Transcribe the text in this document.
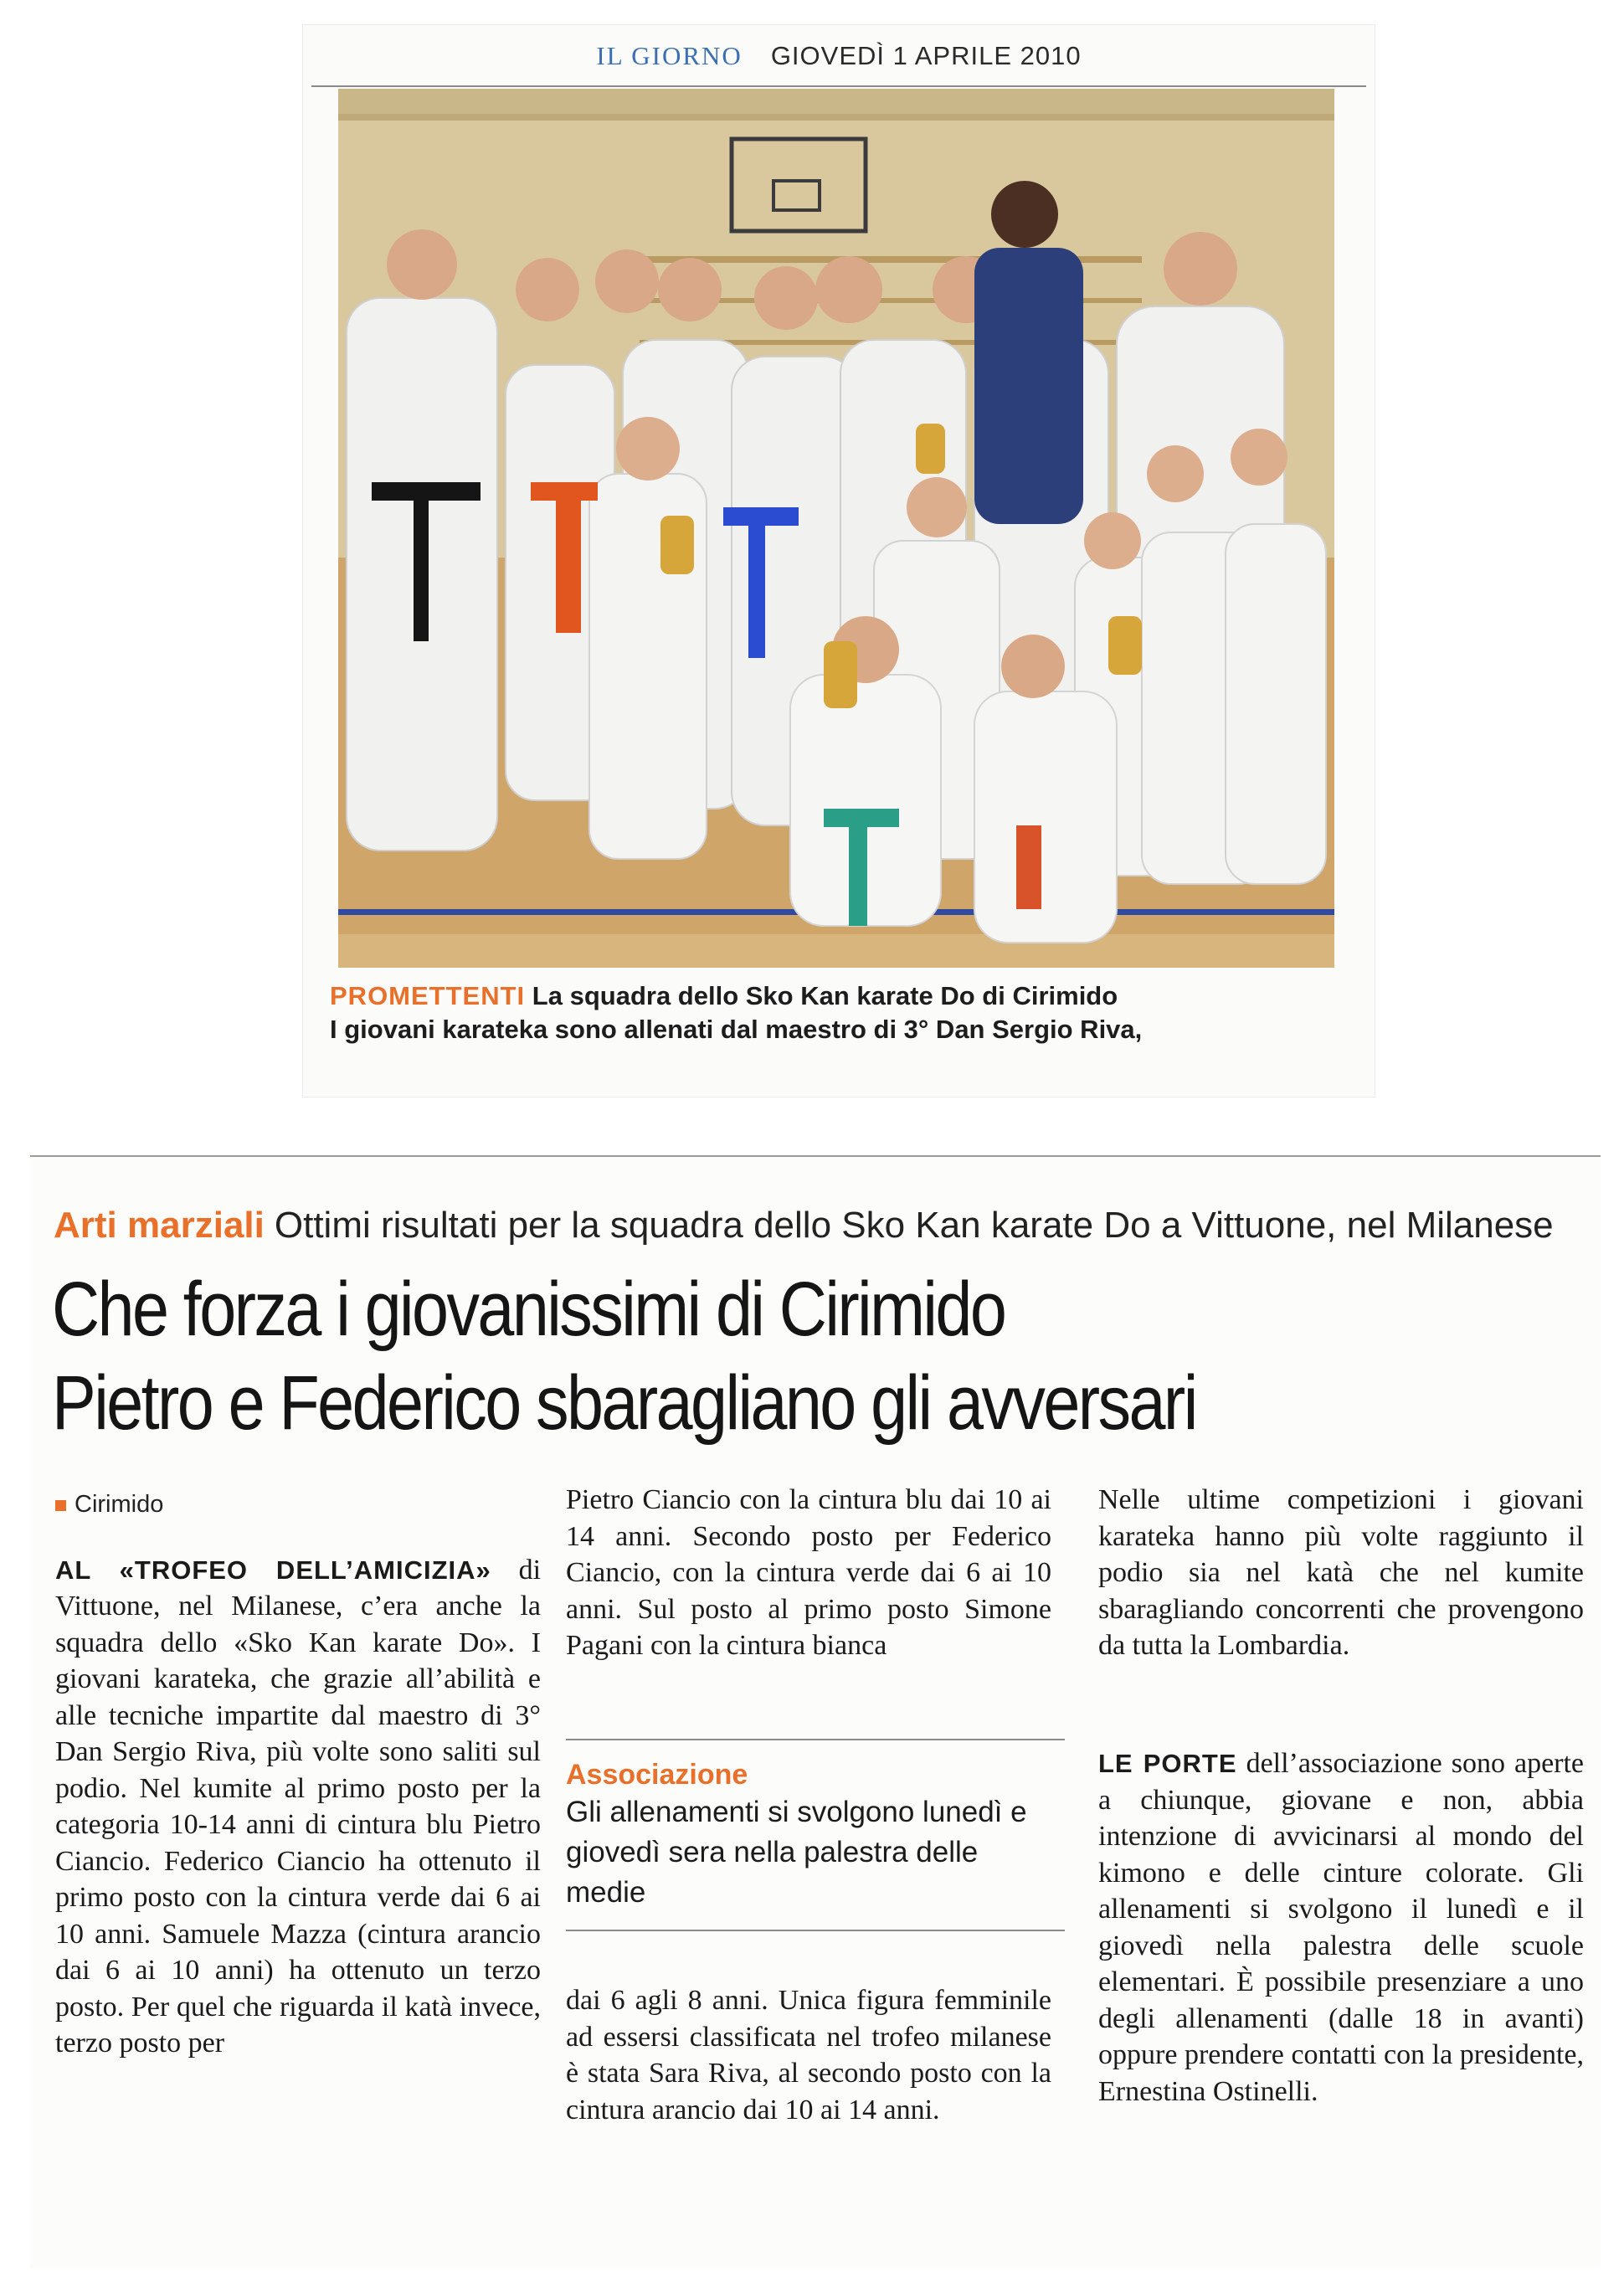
IL GIORNO GIOVEDÌ 1 APRILE 2010
PROMETTENTI La squadra dello Sko Kan karate Do di Cirimido
I giovani karateka sono allenati dal maestro di 3° Dan Sergio Riva,
Arti marziali Ottimi risultati per la squadra dello Sko Kan karate Do a Vittuone, nel Milanese
Che forza i giovanissimi di Cirimido
Pietro e Federico sbaragliano gli avversari
Cirimido

AL «TROFEO DELL’AMICIZIA» di Vittuone, nel Milanese, c’era anche la squadra dello «Sko Kan karate Do». I giovani karateka, che grazie all’abilità e alle tecniche impartite dal maestro di 3° Dan Sergio Riva, più volte sono saliti sul podio. Nel kumite al primo posto per la categoria 10-14 anni di cintura blu Pietro Ciancio. Federico Ciancio ha ottenuto il primo posto con la cintura verde dai 6 ai 10 anni. Samuele Mazza (cintura arancio dai 6 ai 10 anni) ha ottenuto un terzo posto. Per quel che riguarda il katà invece, terzo posto per

Pietro Ciancio con la cintura blu dai 10 ai 14 anni. Secondo posto per Federico Ciancio, con la cintura verde dai 6 ai 10 anni. Sul posto al primo posto Simone Pagani con la cintura bianca

Associazione
Gli allenamenti si svolgono lunedì e giovedì sera nella palestra delle medie

dai 6 agli 8 anni. Unica figura femminile ad essersi classificata nel trofeo milanese è stata Sara Riva, al secondo posto con la cintura arancio dai 10 ai 14 anni.

Nelle ultime competizioni i giovani karateka hanno più volte raggiunto il podio sia nel katà che nel kumite sbaragliando concorrenti che provengono da tutta la Lombardia.

LE PORTE dell’associazione sono aperte a chiunque, giovane e non, abbia intenzione di avvicinarsi al mondo del kimono e delle cinture colorate. Gli allenamenti si svolgono il lunedì e il giovedì nella palestra delle scuole elementari. È possibile presenziare a uno degli allenamenti (dalle 18 in avanti) oppure prendere contatti con la presidente, Ernestina Ostinelli.
